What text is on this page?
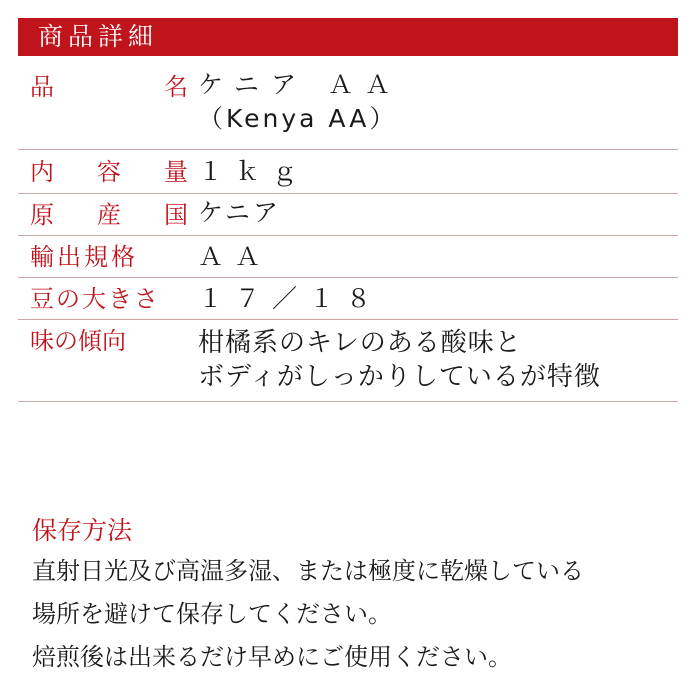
商品詳細
品	名 ケニア ＡＡ
（Kenya AA）
内 容 量 １ｋｇ
原 産 国 ケニア
輸出規格	ＡＡ
豆の大きさ	１７／１８
味の傾向	柑橘系のキレのある酸味と
ボディがしっかりしているが特徴
保存方法
直射日光及び高温多湿、または極度に乾燥している
場所を避けて保存してください。
焙煎後は出来るだけ早めにご使用ください。
